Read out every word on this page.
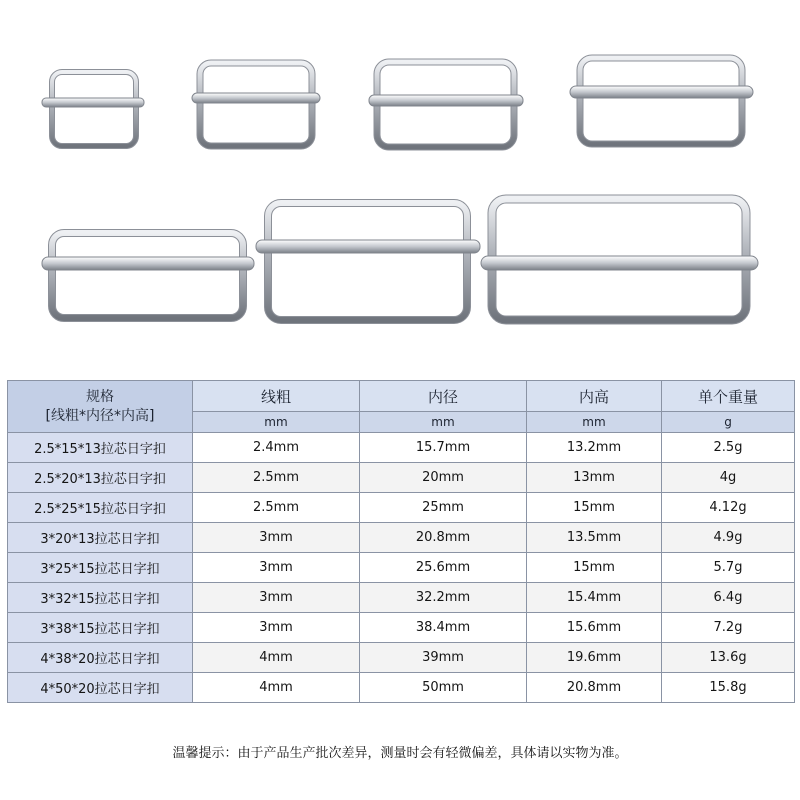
规格
[线粗*内径*内高]	线粗	内径	内高	单个重量
	mm	mm	mm	g
2.5*15*13拉芯日字扣	2.4mm	15.7mm	13.2mm	2.5g
2.5*20*13拉芯日字扣	2.5mm	20mm	13mm	4g
2.5*25*15拉芯日字扣	2.5mm	25mm	15mm	4.12g
3*20*13拉芯日字扣	3mm	20.8mm	13.5mm	4.9g
3*25*15拉芯日字扣	3mm	25.6mm	15mm	5.7g
3*32*15拉芯日字扣	3mm	32.2mm	15.4mm	6.4g
3*38*15拉芯日字扣	3mm	38.4mm	15.6mm	7.2g
4*38*20拉芯日字扣	4mm	39mm	19.6mm	13.6g
4*50*20拉芯日字扣	4mm	50mm	20.8mm	15.8g
温馨提示：由于产品生产批次差异，测量时会有轻微偏差，具体请以实物为准。
